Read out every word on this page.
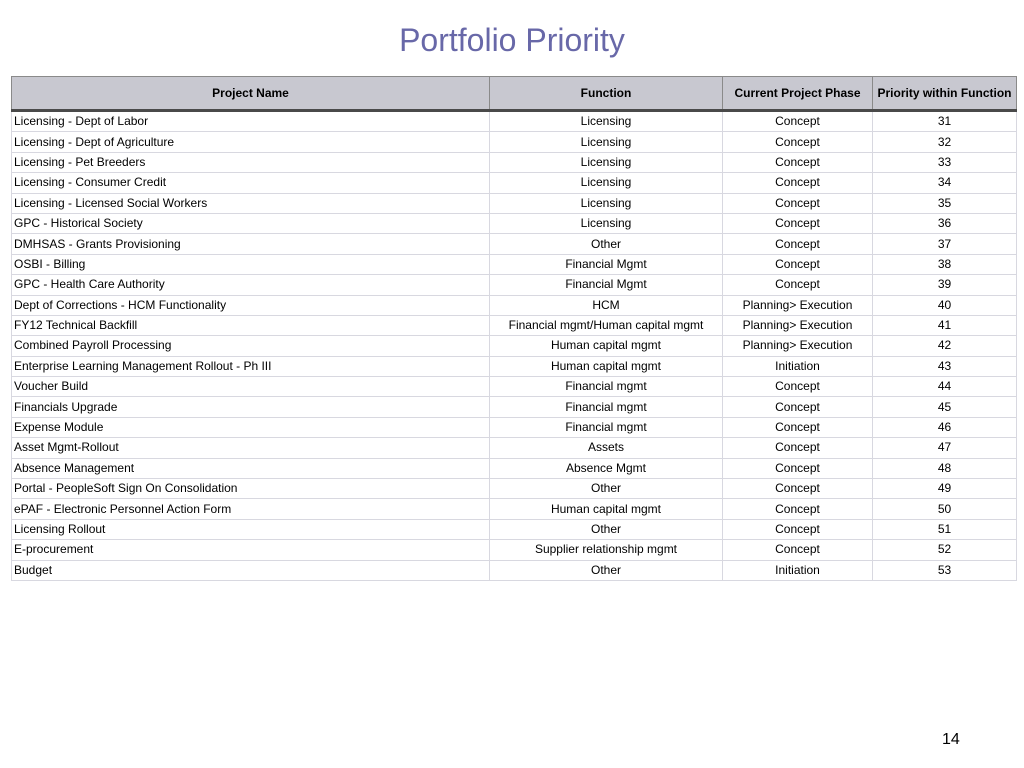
Portfolio Priority
Project Name	Function	Current Project Phase	Priority within Function
Licensing - Dept of Labor	Licensing	Concept	31
Licensing - Dept of Agriculture	Licensing	Concept	32
Licensing - Pet Breeders	Licensing	Concept	33
Licensing - Consumer Credit	Licensing	Concept	34
Licensing - Licensed Social Workers	Licensing	Concept	35
GPC - Historical Society	Licensing	Concept	36
DMHSAS - Grants Provisioning	Other	Concept	37
OSBI - Billing	Financial Mgmt	Concept	38
GPC - Health Care Authority	Financial Mgmt	Concept	39
Dept of Corrections - HCM Functionality	HCM	Planning> Execution	40
FY12 Technical Backfill	Financial mgmt/Human capital mgmt	Planning> Execution	41
Combined Payroll Processing	Human capital mgmt	Planning> Execution	42
Enterprise Learning Management Rollout - Ph III	Human capital mgmt	Initiation	43
Voucher Build	Financial mgmt	Concept	44
Financials Upgrade	Financial mgmt	Concept	45
Expense Module	Financial mgmt	Concept	46
Asset Mgmt-Rollout	Assets	Concept	47
Absence Management	Absence Mgmt	Concept	48
Portal - PeopleSoft Sign On Consolidation	Other	Concept	49
ePAF - Electronic Personnel Action Form	Human capital mgmt	Concept	50
Licensing Rollout	Other	Concept	51
E-procurement	Supplier relationship mgmt	Concept	52
Budget	Other	Initiation	53
14
